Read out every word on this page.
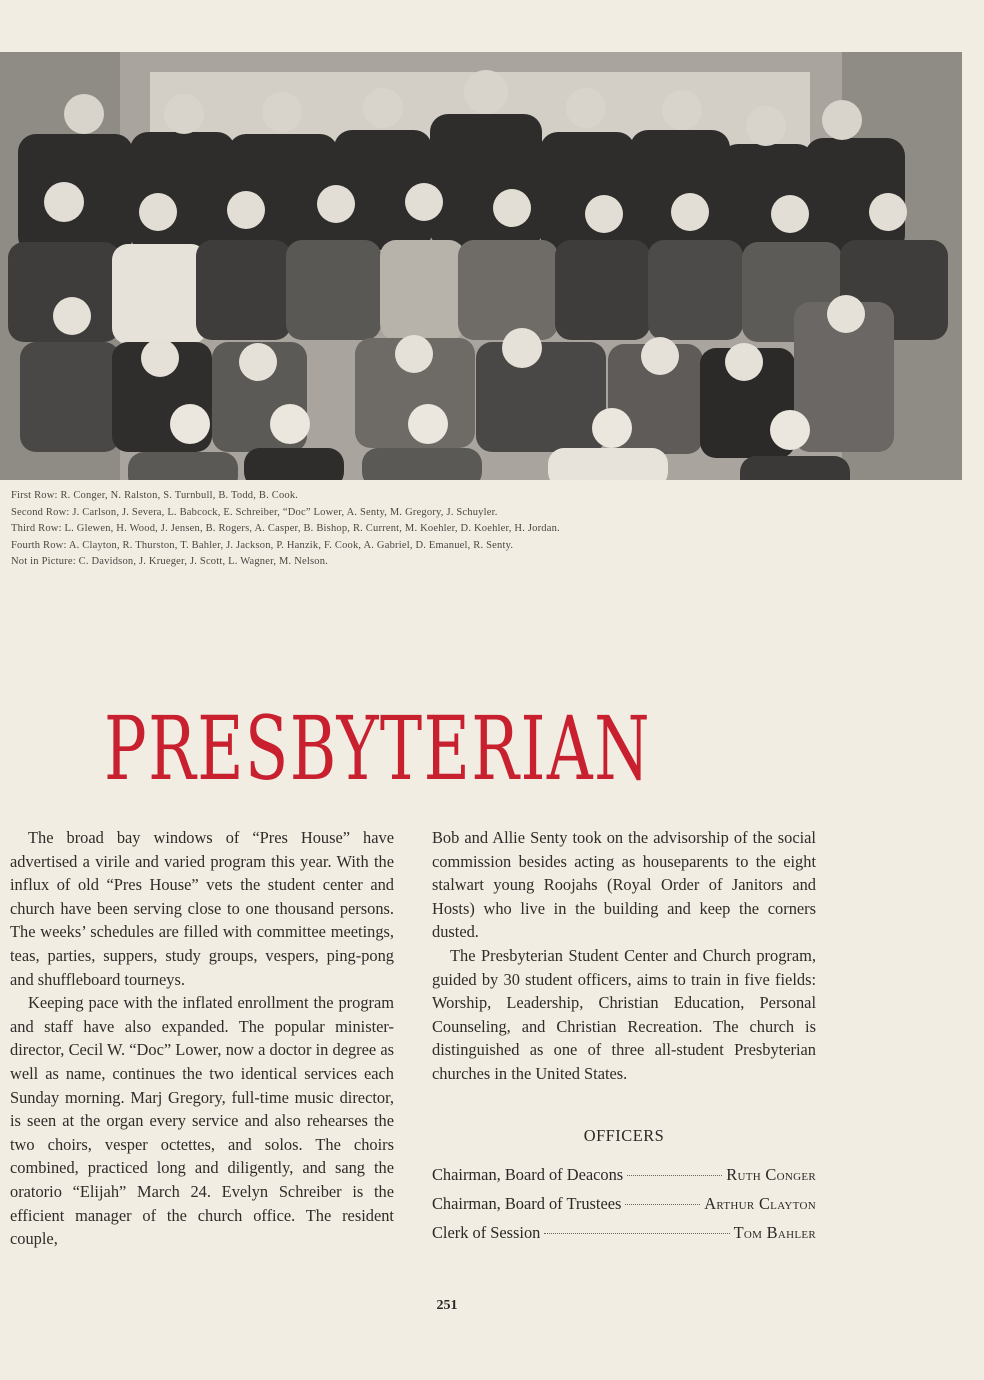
First Row: R. Conger, N. Ralston, S. Turnbull, B. Todd, B. Cook.
Second Row: J. Carlson, J. Severa, L. Babcock, E. Schreiber, “Doc” Lower, A. Senty, M. Gregory, J. Schuyler.
Third Row: L. Glewen, H. Wood, J. Jensen, B. Rogers, A. Casper, B. Bishop, R. Current, M. Koehler, D. Koehler, H. Jordan.
Fourth Row: A. Clayton, R. Thurston, T. Bahler, J. Jackson, P. Hanzik, F. Cook, A. Gabriel, D. Emanuel, R. Senty.
Not in Picture: C. Davidson, J. Krueger, J. Scott, L. Wagner, M. Nelson.
PRESBYTERIAN

The broad bay windows of “Pres House” have advertised a virile and varied program this year. With the influx of old “Pres House” vets the student center and church have been serving close to one thousand persons. The weeks’ schedules are filled with committee meetings, teas, parties, suppers, study groups, vespers, ping-pong and shuffleboard tourneys.

Keeping pace with the inflated enrollment the program and staff have also expanded. The popular minister-director, Cecil W. “Doc” Lower, now a doctor in degree as well as name, continues the two identical services each Sunday morning. Marj Gregory, full-time music director, is seen at the organ every service and also rehearses the two choirs, vesper octettes, and solos. The choirs combined, practiced long and diligently, and sang the oratorio “Elijah” March 24. Evelyn Schreiber is the efficient manager of the church office. The resident couple,

Bob and Allie Senty took on the advisorship of the social commission besides acting as houseparents to the eight stalwart young Roojahs (Royal Order of Janitors and Hosts) who live in the building and keep the corners dusted.

The Presbyterian Student Center and Church program, guided by 30 student officers, aims to train in five fields: Worship, Leadership, Christian Education, Personal Counseling, and Christian Recreation. The church is distinguished as one of three all-student Presbyterian churches in the United States.

OFFICERS
Chairman, Board of Deacons	Ruth Conger
Chairman, Board of Trustees	Arthur Clayton
Clerk of Session	Tom Bahler
251
